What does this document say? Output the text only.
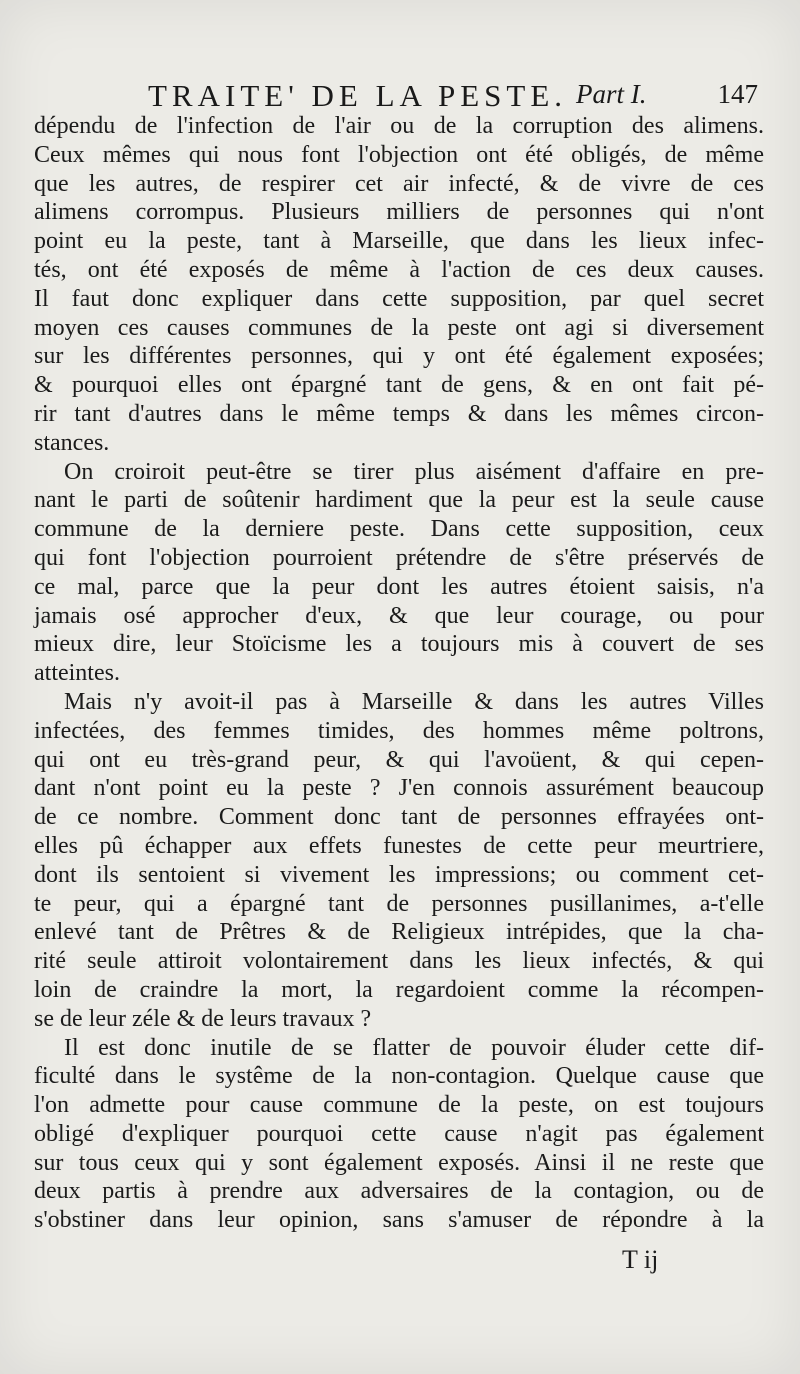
TRAITE' DE LA PESTE. Part I.	147
dépendu de l'infection de l'air ou de la corruption des alimens.
Ceux mêmes qui nous font l'objection ont été obligés, de même
que les autres, de respirer cet air infecté, & de vivre de ces
alimens corrompus. Plusieurs milliers de personnes qui n'ont
point eu la peste, tant à Marseille, que dans les lieux infec-
tés, ont été exposés de même à l'action de ces deux causes.
Il faut donc expliquer dans cette supposition, par quel secret
moyen ces causes communes de la peste ont agi si diversement
sur les différentes personnes, qui y ont été également exposées;
& pourquoi elles ont épargné tant de gens, & en ont fait pé-
rir tant d'autres dans le même temps & dans les mêmes circon-
stances.
On croiroit peut-être se tirer plus aisément d'affaire en pre-
nant le parti de soûtenir hardiment que la peur est la seule cause
commune de la derniere peste. Dans cette supposition, ceux
qui font l'objection pourroient prétendre de s'être préservés de
ce mal, parce que la peur dont les autres étoient saisis, n'a
jamais osé approcher d'eux, & que leur courage, ou pour
mieux dire, leur Stoïcisme les a toujours mis à couvert de ses
atteintes.
Mais n'y avoit-il pas à Marseille & dans les autres Villes
infectées, des femmes timides, des hommes même poltrons,
qui ont eu très-grand peur, & qui l'avoüent, & qui cepen-
dant n'ont point eu la peste ? J'en connois assurément beaucoup
de ce nombre. Comment donc tant de personnes effrayées ont-
elles pû échapper aux effets funestes de cette peur meurtriere,
dont ils sentoient si vivement les impressions; ou comment cet-
te peur, qui a épargné tant de personnes pusillanimes, a-t'elle
enlevé tant de Prêtres & de Religieux intrépides, que la cha-
rité seule attiroit volontairement dans les lieux infectés, & qui
loin de craindre la mort, la regardoient comme la récompen-
se de leur zéle & de leurs travaux ?
Il est donc inutile de se flatter de pouvoir éluder cette dif-
ficulté dans le systême de la non-contagion. Quelque cause que
l'on admette pour cause commune de la peste, on est toujours
obligé d'expliquer pourquoi cette cause n'agit pas également
sur tous ceux qui y sont également exposés. Ainsi il ne reste que
deux partis à prendre aux adversaires de la contagion, ou de
s'obstiner dans leur opinion, sans s'amuser de répondre à la
T ij
